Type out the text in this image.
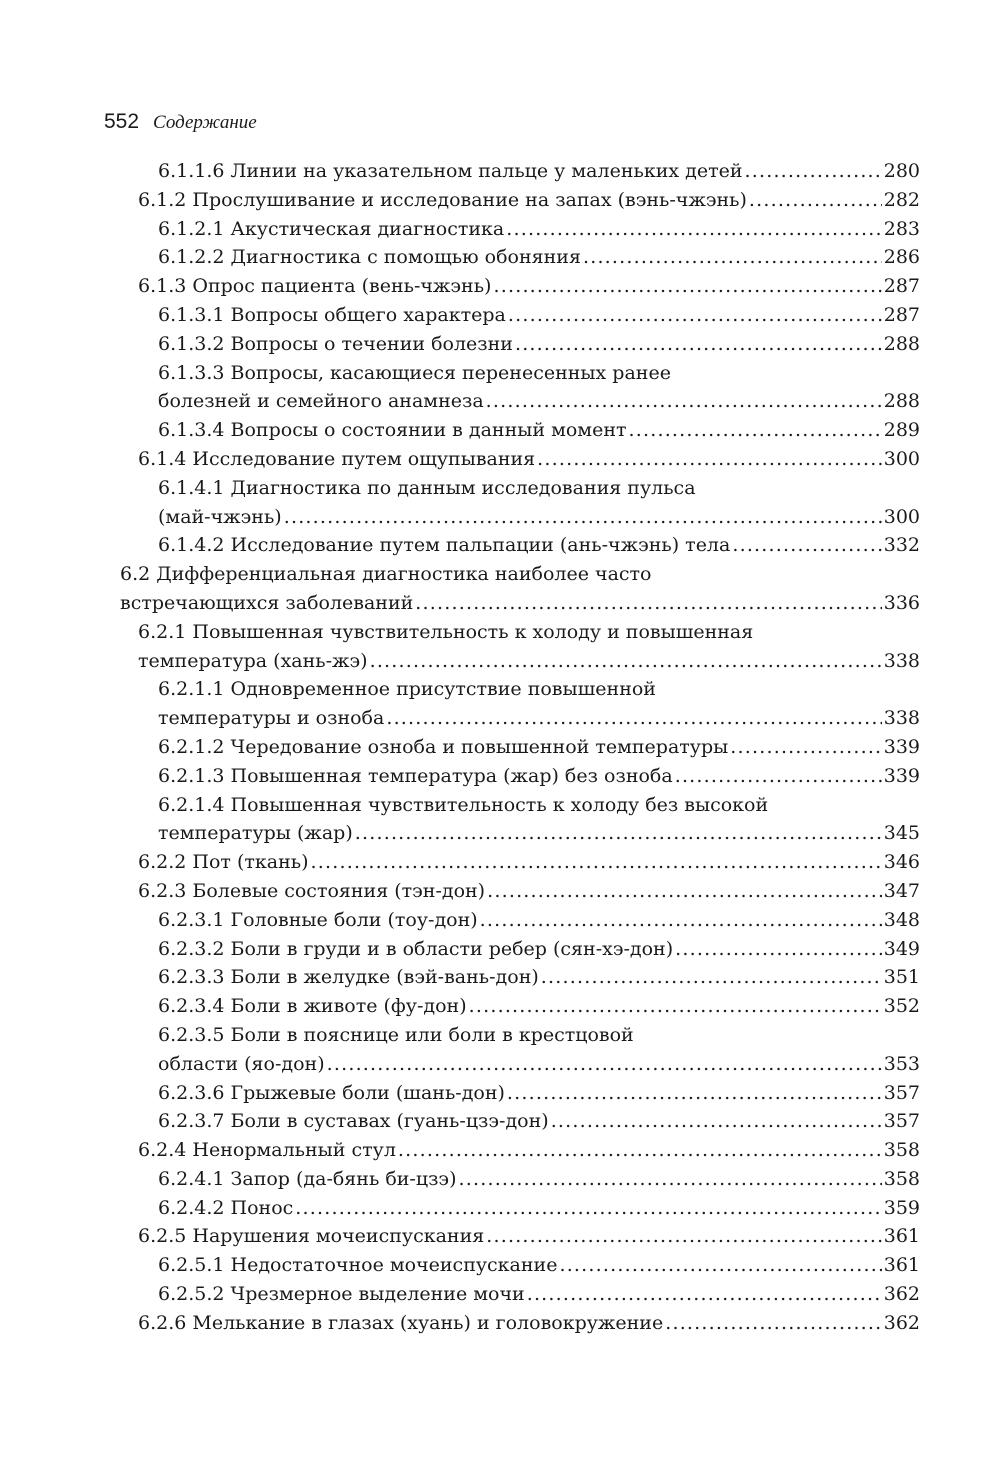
552 Содержание
6.1.1.6 Линии на указательном пальце у маленьких детей .....	280
6.1.2 Прослушивание и исследование на запах (вэнь-чжэнь) .....	282
6.1.2.1 Акустическая диагностика .....	283
6.1.2.2 Диагностика с помощью обоняния .....	286
6.1.3 Опрос пациента (вень-чжэнь) .....	287
6.1.3.1 Вопросы общего характера .....	287
6.1.3.2 Вопросы о течении болезни .....	288
6.1.3.3 Вопросы, касающиеся перенесенных ранее
болезней и семейного анамнеза .....	288
6.1.3.4 Вопросы о состоянии в данный момент .....	289
6.1.4 Исследование путем ощупывания .....	300
6.1.4.1 Диагностика по данным исследования пульса
(май-чжэнь) .....	300
6.1.4.2 Исследование путем пальпации (ань-чжэнь) тела .....	332
6.2 Дифференциальная диагностика наиболее часто
встречающихся заболеваний .....	336
6.2.1 Повышенная чувствительность к холоду и повышенная
температура (хань-жэ) .....	338
6.2.1.1 Одновременное присутствие повышенной
температуры и озноба .....	338
6.2.1.2 Чередование озноба и повышенной температуры .....	339
6.2.1.3 Повышенная температура (жар) без озноба .....	339
6.2.1.4 Повышенная чувствительность к холоду без высокой
температуры (жар) .....	345
6.2.2 Пот (ткань) .....	346
6.2.3 Болевые состояния (тэн-дон) .....	347
6.2.3.1 Головные боли (тоу-дон) .....	348
6.2.3.2 Боли в груди и в области ребер (сян-хэ-дон) .....	349
6.2.3.3 Боли в желудке (вэй-вань-дон) .....	351
6.2.3.4 Боли в животе (фу-дон) .....	352
6.2.3.5 Боли в пояснице или боли в крестцовой
области (яо-дон) .....	353
6.2.3.6 Грыжевые боли (шань-дон) .....	357
6.2.3.7 Боли в суставах (гуань-цзэ-дон) .....	357
6.2.4 Ненормальный стул .....	358
6.2.4.1 Запор (да-бянь би-цзэ) .....	358
6.2.4.2 Понос .....	359
6.2.5 Нарушения мочеиспускания .....	361
6.2.5.1 Недостаточное мочеиспускание .....	361
6.2.5.2 Чрезмерное выделение мочи .....	362
6.2.6 Мелькание в глазах (хуань) и головокружение .....	362
